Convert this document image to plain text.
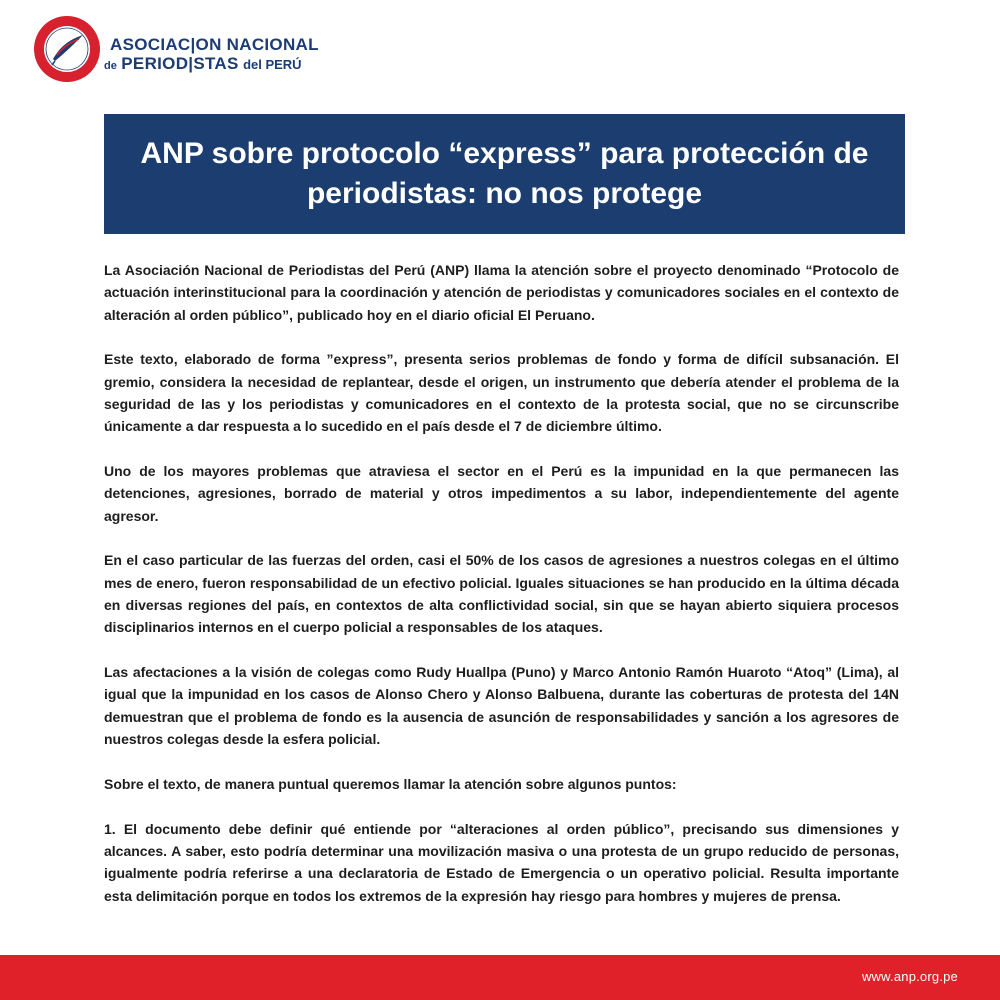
ASOCIAC|ON NACIONAL
de PERIOD|STAS del PERÚ
ANP sobre protocolo “express” para protección de periodistas: no nos protege

La Asociación Nacional de Periodistas del Perú (ANP) llama la atención sobre el proyecto denominado “Protocolo de actuación interinstitucional para la coordinación y atención de periodistas y comunicadores sociales en el contexto de alteración al orden público”, publicado hoy en el diario oficial El Peruano.

Este texto, elaborado de forma ”express”, presenta serios problemas de fondo y forma de difícil subsanación. El gremio, considera la necesidad de replantear, desde el origen, un instrumento que debería atender el problema de la seguridad de las y los periodistas y comunicadores en el contexto de la protesta social, que no se circunscribe únicamente a dar respuesta a lo sucedido en el país desde el 7 de diciembre último.

Uno de los mayores problemas que atraviesa el sector en el Perú es la impunidad en la que permanecen las detenciones, agresiones, borrado de material y otros impedimentos a su labor, independientemente del agente agresor.

En el caso particular de las fuerzas del orden, casi el 50% de los casos de agresiones a nuestros colegas en el último mes de enero, fueron responsabilidad de un efectivo policial. Iguales situaciones se han producido en la última década en diversas regiones del país, en contextos de alta conflictividad social, sin que se hayan abierto siquiera procesos disciplinarios internos en el cuerpo policial a responsables de los ataques.

Las afectaciones a la visión de colegas como Rudy Huallpa (Puno) y Marco Antonio Ramón Huaroto “Atoq” (Lima), al igual que la impunidad en los casos de Alonso Chero y Alonso Balbuena, durante las coberturas de protesta del 14N demuestran que el problema de fondo es la ausencia de asunción de responsabilidades y sanción a los agresores de nuestros colegas desde la esfera policial.

Sobre el texto, de manera puntual queremos llamar la atención sobre algunos puntos:

1. El documento debe definir qué entiende por “alteraciones al orden público”, precisando sus dimensiones y alcances. A saber, esto podría determinar una movilización masiva o una protesta de un grupo reducido de personas, igualmente podría referirse a una declaratoria de Estado de Emergencia o un operativo policial. Resulta importante esta delimitación porque en todos los extremos de la expresión hay riesgo para hombres y mujeres de prensa.

www.anp.org.pe
